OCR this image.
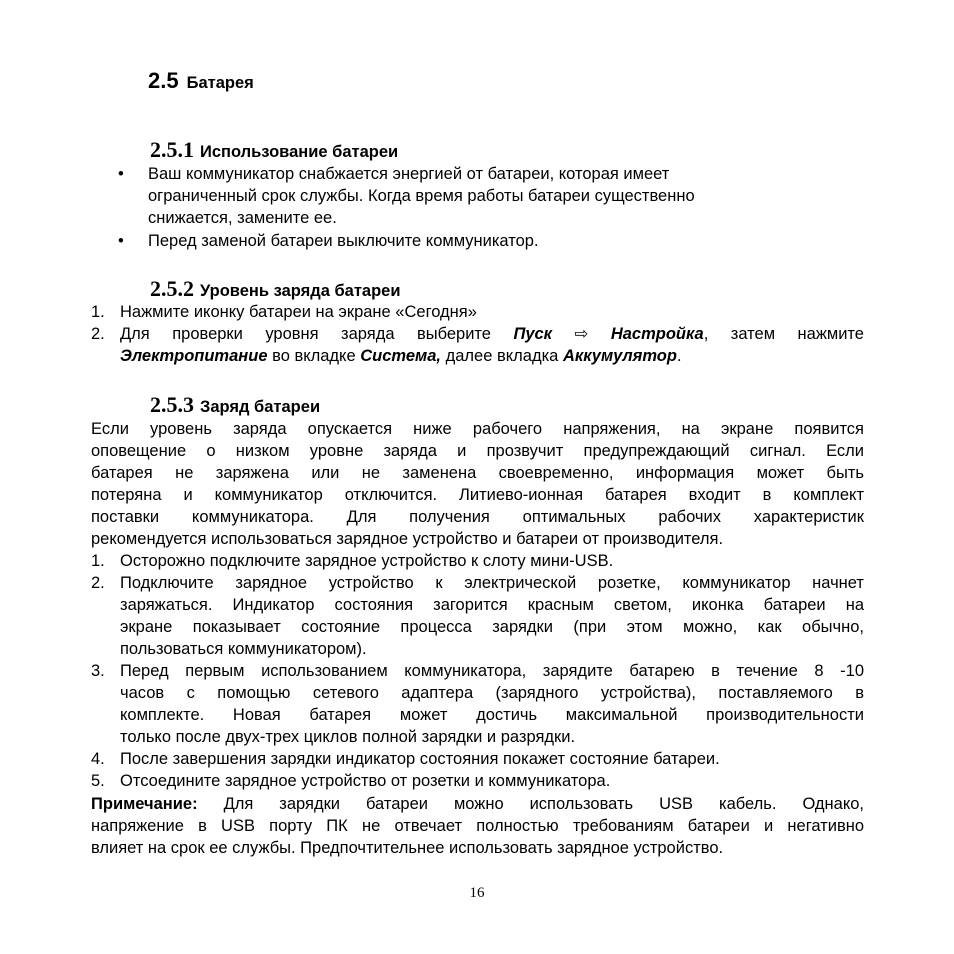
2.5 Батарея
2.5.1 Использование батареи
• Ваш коммуникатор снабжается энергией от батареи, которая имеет
ограниченный срок службы. Когда время работы батареи существенно
снижается, замените ее.
• Перед заменой батареи выключите коммуникатор.
2.5.2 Уровень заряда батареи
1. Нажмите иконку батареи на экране «Сегодня»
2. Для проверки уровня заряда выберите Пуск ⇨ Настройка, затем нажмите
Электропитание во вкладке Система, далее вкладка Аккумулятор.
2.5.3 Заряд батареи
Если уровень заряда опускается ниже рабочего напряжения, на экране появится
оповещение о низком уровне заряда и прозвучит предупреждающий сигнал. Если
батарея не заряжена или не заменена своевременно, информация может быть
потеряна и коммуникатор отключится. Литиево-ионная батарея входит в комплект
поставки коммуникатора. Для получения оптимальных рабочих характеристик
рекомендуется использоваться зарядное устройство и батареи от производителя.
1. Осторожно подключите зарядное устройство к слоту мини-USB.
2. Подключите зарядное устройство к электрической розетке, коммуникатор начнет
заряжаться. Индикатор состояния загорится красным светом, иконка батареи на
экране показывает состояние процесса зарядки (при этом можно, как обычно,
пользоваться коммуникатором).
3. Перед первым использованием коммуникатора, зарядите батарею в течение 8 -10
часов с помощью сетевого адаптера (зарядного устройства), поставляемого в
комплекте. Новая батарея может достичь максимальной производительности
только после двух-трех циклов полной зарядки и разрядки.
4. После завершения зарядки индикатор состояния покажет состояние батареи.
5. Отсоедините зарядное устройство от розетки и коммуникатора.
Примечание: Для зарядки батареи можно использовать USB кабель. Однако,
напряжение в USB порту ПК не отвечает полностью требованиям батареи и негативно
влияет на срок ее службы. Предпочтительнее использовать зарядное устройство.
16
